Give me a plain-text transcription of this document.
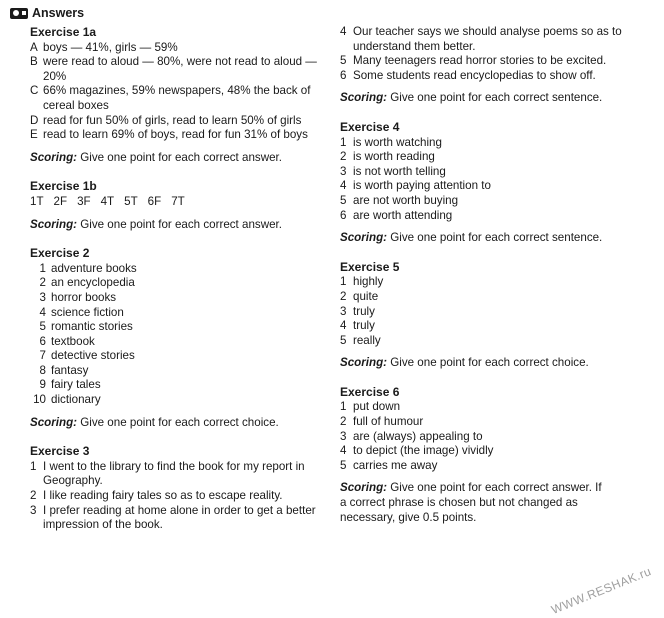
Answers
Exercise 1a
A boys — 41%, girls — 59%
B were read to aloud — 80%, were not read to aloud — 20%
C 66% magazines, 59% newspapers, 48% the back of cereal boxes
D read for fun 50% of girls, read to learn 50% of girls
E read to learn 69% of boys, read for fun 31% of boys
Scoring: Give one point for each correct answer.
Exercise 1b
1T 2F 3F 4T 5T 6F 7T
Scoring: Give one point for each correct answer.
Exercise 2
1 adventure books
2 an encyclopedia
3 horror books
4 science fiction
5 romantic stories
6 textbook
7 detective stories
8 fantasy
9 fairy tales
10 dictionary
Scoring: Give one point for each correct choice.
Exercise 3
1 I went to the library to find the book for my report in Geography.
2 I like reading fairy tales so as to escape reality.
3 I prefer reading at home alone in order to get a better impression of the book.
4 Our teacher says we should analyse poems so as to understand them better.
5 Many teenagers read horror stories to be excited.
6 Some students read encyclopedias to show off.
Scoring: Give one point for each correct sentence.
Exercise 4
1 is worth watching
2 is worth reading
3 is not worth telling
4 is worth paying attention to
5 are not worth buying
6 are worth attending
Scoring: Give one point for each correct sentence.
Exercise 5
1 highly
2 quite
3 truly
4 truly
5 really
Scoring: Give one point for each correct choice.
Exercise 6
1 put down
2 full of humour
3 are (always) appealing to
4 to depict (the image) vividly
5 carries me away
Scoring: Give one point for each correct answer. If a correct phrase is chosen but not changed as necessary, give 0.5 points.
WWW.RESHAK.ru
